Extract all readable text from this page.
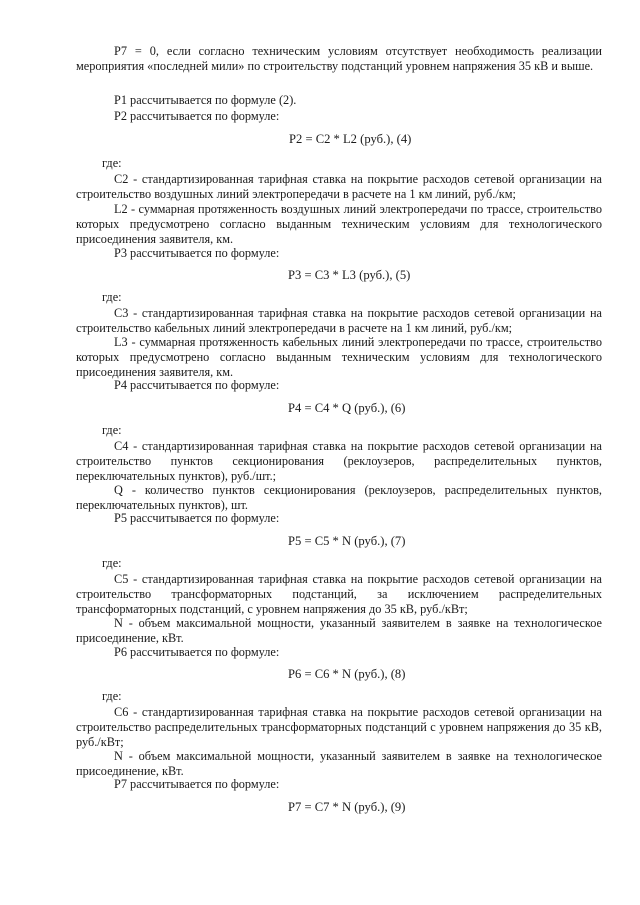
Р7 = 0, если согласно техническим условиям отсутствует необходимость реализации мероприятия «последней мили» по строительству подстанций уровнем напряжения 35 кВ и выше.
Р1 рассчитывается по формуле (2).
Р2 рассчитывается по формуле:
Р2 = С2 * L2 (руб.), (4)
где:
С2 - стандартизированная тарифная ставка на покрытие расходов сетевой организации на строительство воздушных линий электропередачи в расчете на 1 км линий, руб./км;
L2 - суммарная протяженность воздушных линий электропередачи по трассе, строительство которых предусмотрено согласно выданным техническим условиям для технологического присоединения заявителя, км.
Р3 рассчитывается по формуле:
Р3 = С3 * L3 (руб.), (5)
где:
С3 - стандартизированная тарифная ставка на покрытие расходов сетевой организации на строительство кабельных линий электропередачи в расчете на 1 км линий, руб./км;
L3 - суммарная протяженность кабельных линий электропередачи по трассе, строительство которых предусмотрено согласно выданным техническим условиям для технологического присоединения заявителя, км.
Р4 рассчитывается по формуле:
Р4 = С4 * Q (руб.), (6)
где:
С4 - стандартизированная тарифная ставка на покрытие расходов сетевой организации на строительство пунктов секционирования (реклоузеров, распределительных пунктов, переключательных пунктов), руб./шт.;
Q - количество пунктов секционирования (реклоузеров, распределительных пунктов, переключательных пунктов), шт.
Р5 рассчитывается по формуле:
Р5 = С5 * N (руб.), (7)
где:
С5 - стандартизированная тарифная ставка на покрытие расходов сетевой организации на строительство трансформаторных подстанций, за исключением распределительных трансформаторных подстанций, с уровнем напряжения до 35 кВ, руб./кВт;
N - объем максимальной мощности, указанный заявителем в заявке на технологическое присоединение, кВт.
Р6 рассчитывается по формуле:
Р6 = С6 * N (руб.), (8)
где:
С6 - стандартизированная тарифная ставка на покрытие расходов сетевой организации на строительство распределительных трансформаторных подстанций с уровнем напряжения до 35 кВ, руб./кВт;
N - объем максимальной мощности, указанный заявителем в заявке на технологическое присоединение, кВт.
Р7 рассчитывается по формуле:
Р7 = С7 * N (руб.), (9)
